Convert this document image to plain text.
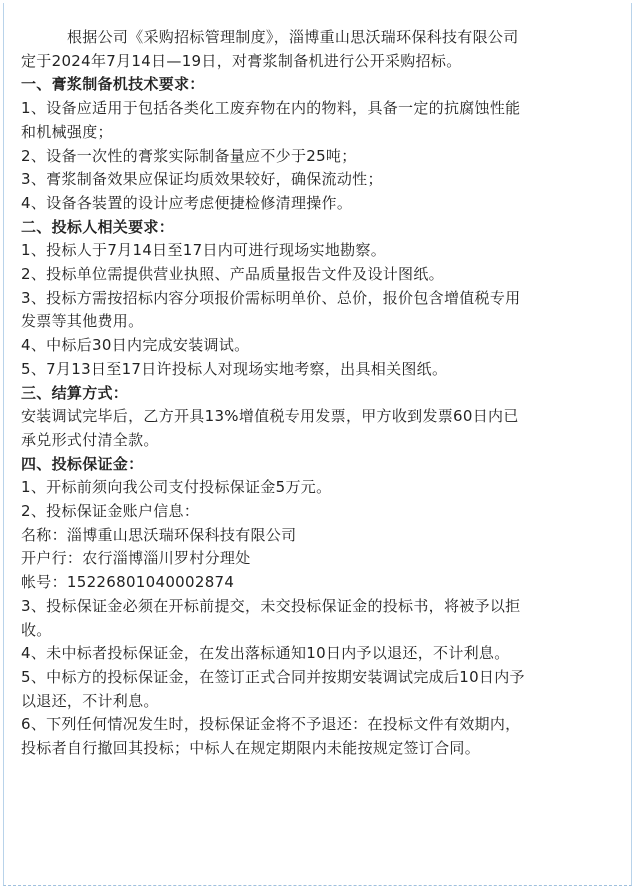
根据公司《采购招标管理制度》，淄博重山思沃瑞环保科技有限公司
定于2024年7月14日—19日，对膏浆制备机进行公开采购招标。
一、膏浆制备机技术要求：
1、设备应适用于包括各类化工废弃物在内的物料，具备一定的抗腐蚀性能
和机械强度；
2、设备一次性的膏浆实际制备量应不少于25吨；
3、膏浆制备效果应保证均质效果较好，确保流动性；
4、设备各装置的设计应考虑便捷检修清理操作。
二、投标人相关要求：
1、投标人于7月14日至17日内可进行现场实地勘察。
2、投标单位需提供营业执照、产品质量报告文件及设计图纸。
3、投标方需按招标内容分项报价需标明单价、总价，报价包含增值税专用
发票等其他费用。
4、中标后30日内完成安装调试。
5、7月13日至17日许投标人对现场实地考察，出具相关图纸。
三、结算方式：
安装调试完毕后，乙方开具13%增值税专用发票，甲方收到发票60日内已
承兑形式付清全款。
四、投标保证金：
1、开标前须向我公司支付投标保证金5万元。
2、投标保证金账户信息：
名称：淄博重山思沃瑞环保科技有限公司
开户行：农行淄博淄川罗村分理处
帐号：15226801040002874
3、投标保证金必须在开标前提交，未交投标保证金的投标书，将被予以拒
收。
4、未中标者投标保证金，在发出落标通知10日内予以退还，不计利息。
5、中标方的投标保证金，在签订正式合同并按期安装调试完成后10日内予
以退还，不计利息。
6、下列任何情况发生时，投标保证金将不予退还：在投标文件有效期内，
投标者自行撤回其投标；中标人在规定期限内未能按规定签订合同。
